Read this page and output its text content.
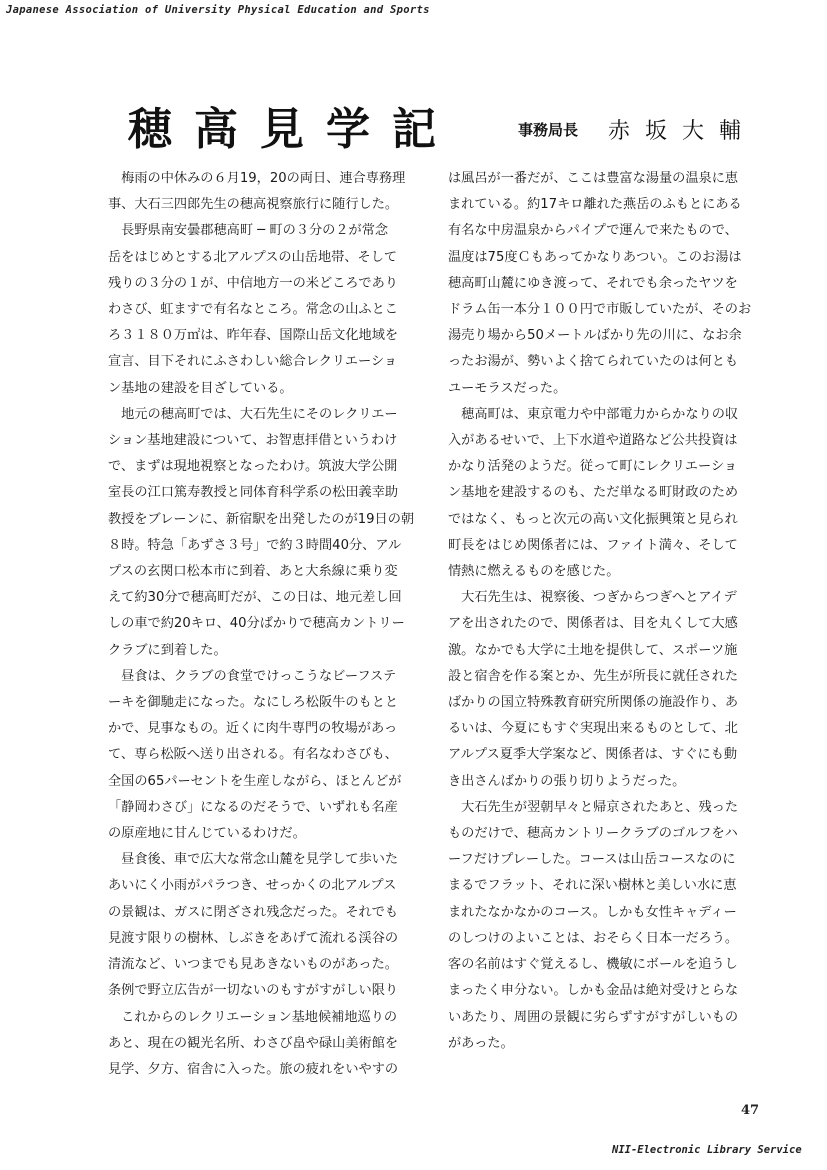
Japanese Association of University Physical Education and Sports
穂高見学記	事務局長 赤坂大輔
　梅雨の中休みの６月19，20の両日、連合専務理
事、大石三四郎先生の穂高視察旅行に随行した。
　長野県南安曇郡穂高町 ─ 町の３分の２が常念
岳をはじめとする北アルプスの山岳地帯、そして
残りの３分の１が、中信地方一の米どころであり
わさび、虹ますで有名なところ。常念の山ふとこ
ろ３１８０万㎡は、昨年春、国際山岳文化地域を
宣言、目下それにふさわしい総合レクリエーショ
ン基地の建設を目ざしている。
　地元の穂高町では、大石先生にそのレクリエー
ション基地建設について、お智恵拝借というわけ
で、まずは現地視察となったわけ。筑波大学公開
室長の江口篤寿教授と同体育科学系の松田義幸助
教授をブレーンに、新宿駅を出発したのが19日の朝
８時。特急「あずさ３号」で約３時間40分、アル
プスの玄関口松本市に到着、あと大糸線に乗り変
えて約30分で穂高町だが、この日は、地元差し回
しの車で約20キロ、40分ばかりで穂高カントリー
クラブに到着した。
　昼食は、クラブの食堂でけっこうなビーフステ
ーキを御馳走になった。なにしろ松阪牛のもとと
かで、見事なもの。近くに肉牛専門の牧場があっ
て、専ら松阪へ送り出される。有名なわさびも、
全国の65パーセントを生産しながら、ほとんどが
「静岡わさび」になるのだそうで、いずれも名産
の原産地に甘んじているわけだ。
　昼食後、車で広大な常念山麓を見学して歩いた
あいにく小雨がパラつき、せっかくの北アルプス
の景観は、ガスに閉ざされ残念だった。それでも
見渡す限りの樹林、しぶきをあげて流れる渓谷の
清流など、いつまでも見あきないものがあった。
条例で野立広告が一切ないのもすがすがしい限り
　これからのレクリエーション基地候補地巡りの
あと、現在の観光名所、わさび畠や碌山美術館を
見学、夕方、宿舎に入った。旅の疲れをいやすの
は風呂が一番だが、ここは豊富な湯量の温泉に恵
まれている。約17キロ離れた燕岳のふもとにある
有名な中房温泉からパイプで運んで来たもので、
温度は75度Ｃもあってかなりあつい。このお湯は
穂高町山麓にゆき渡って、それでも余ったヤツを
ドラム缶一本分１００円で市販していたが、そのお
湯売り場から50メートルばかり先の川に、なお余
ったお湯が、勢いよく捨てられていたのは何とも
ユーモラスだった。
　穂高町は、東京電力や中部電力からかなりの収
入があるせいで、上下水道や道路など公共投資は
かなり活発のようだ。従って町にレクリエーショ
ン基地を建設するのも、ただ単なる町財政のため
ではなく、もっと次元の高い文化振興策と見られ
町長をはじめ関係者には、ファイト満々、そして
情熱に燃えるものを感じた。
　大石先生は、視察後、つぎからつぎへとアイデ
アを出されたので、関係者は、目を丸くして大感
激。なかでも大学に土地を提供して、スポーツ施
設と宿舎を作る案とか、先生が所長に就任された
ばかりの国立特殊教育研究所関係の施設作り、あ
るいは、今夏にもすぐ実現出来るものとして、北
アルプス夏季大学案など、関係者は、すぐにも動
き出さんばかりの張り切りようだった。
　大石先生が翌朝早々と帰京されたあと、残った
ものだけで、穂高カントリークラブのゴルフをハ
ーフだけプレーした。コースは山岳コースなのに
まるでフラット、それに深い樹林と美しい水に恵
まれたなかなかのコース。しかも女性キャディー
のしつけのよいことは、おそらく日本一だろう。
客の名前はすぐ覚えるし、機敏にボールを追うし
まったく申分ない。しかも金品は絶対受けとらな
いあたり、周囲の景観に劣らずすがすがしいもの
があった。
47
NII-Electronic Library Service
